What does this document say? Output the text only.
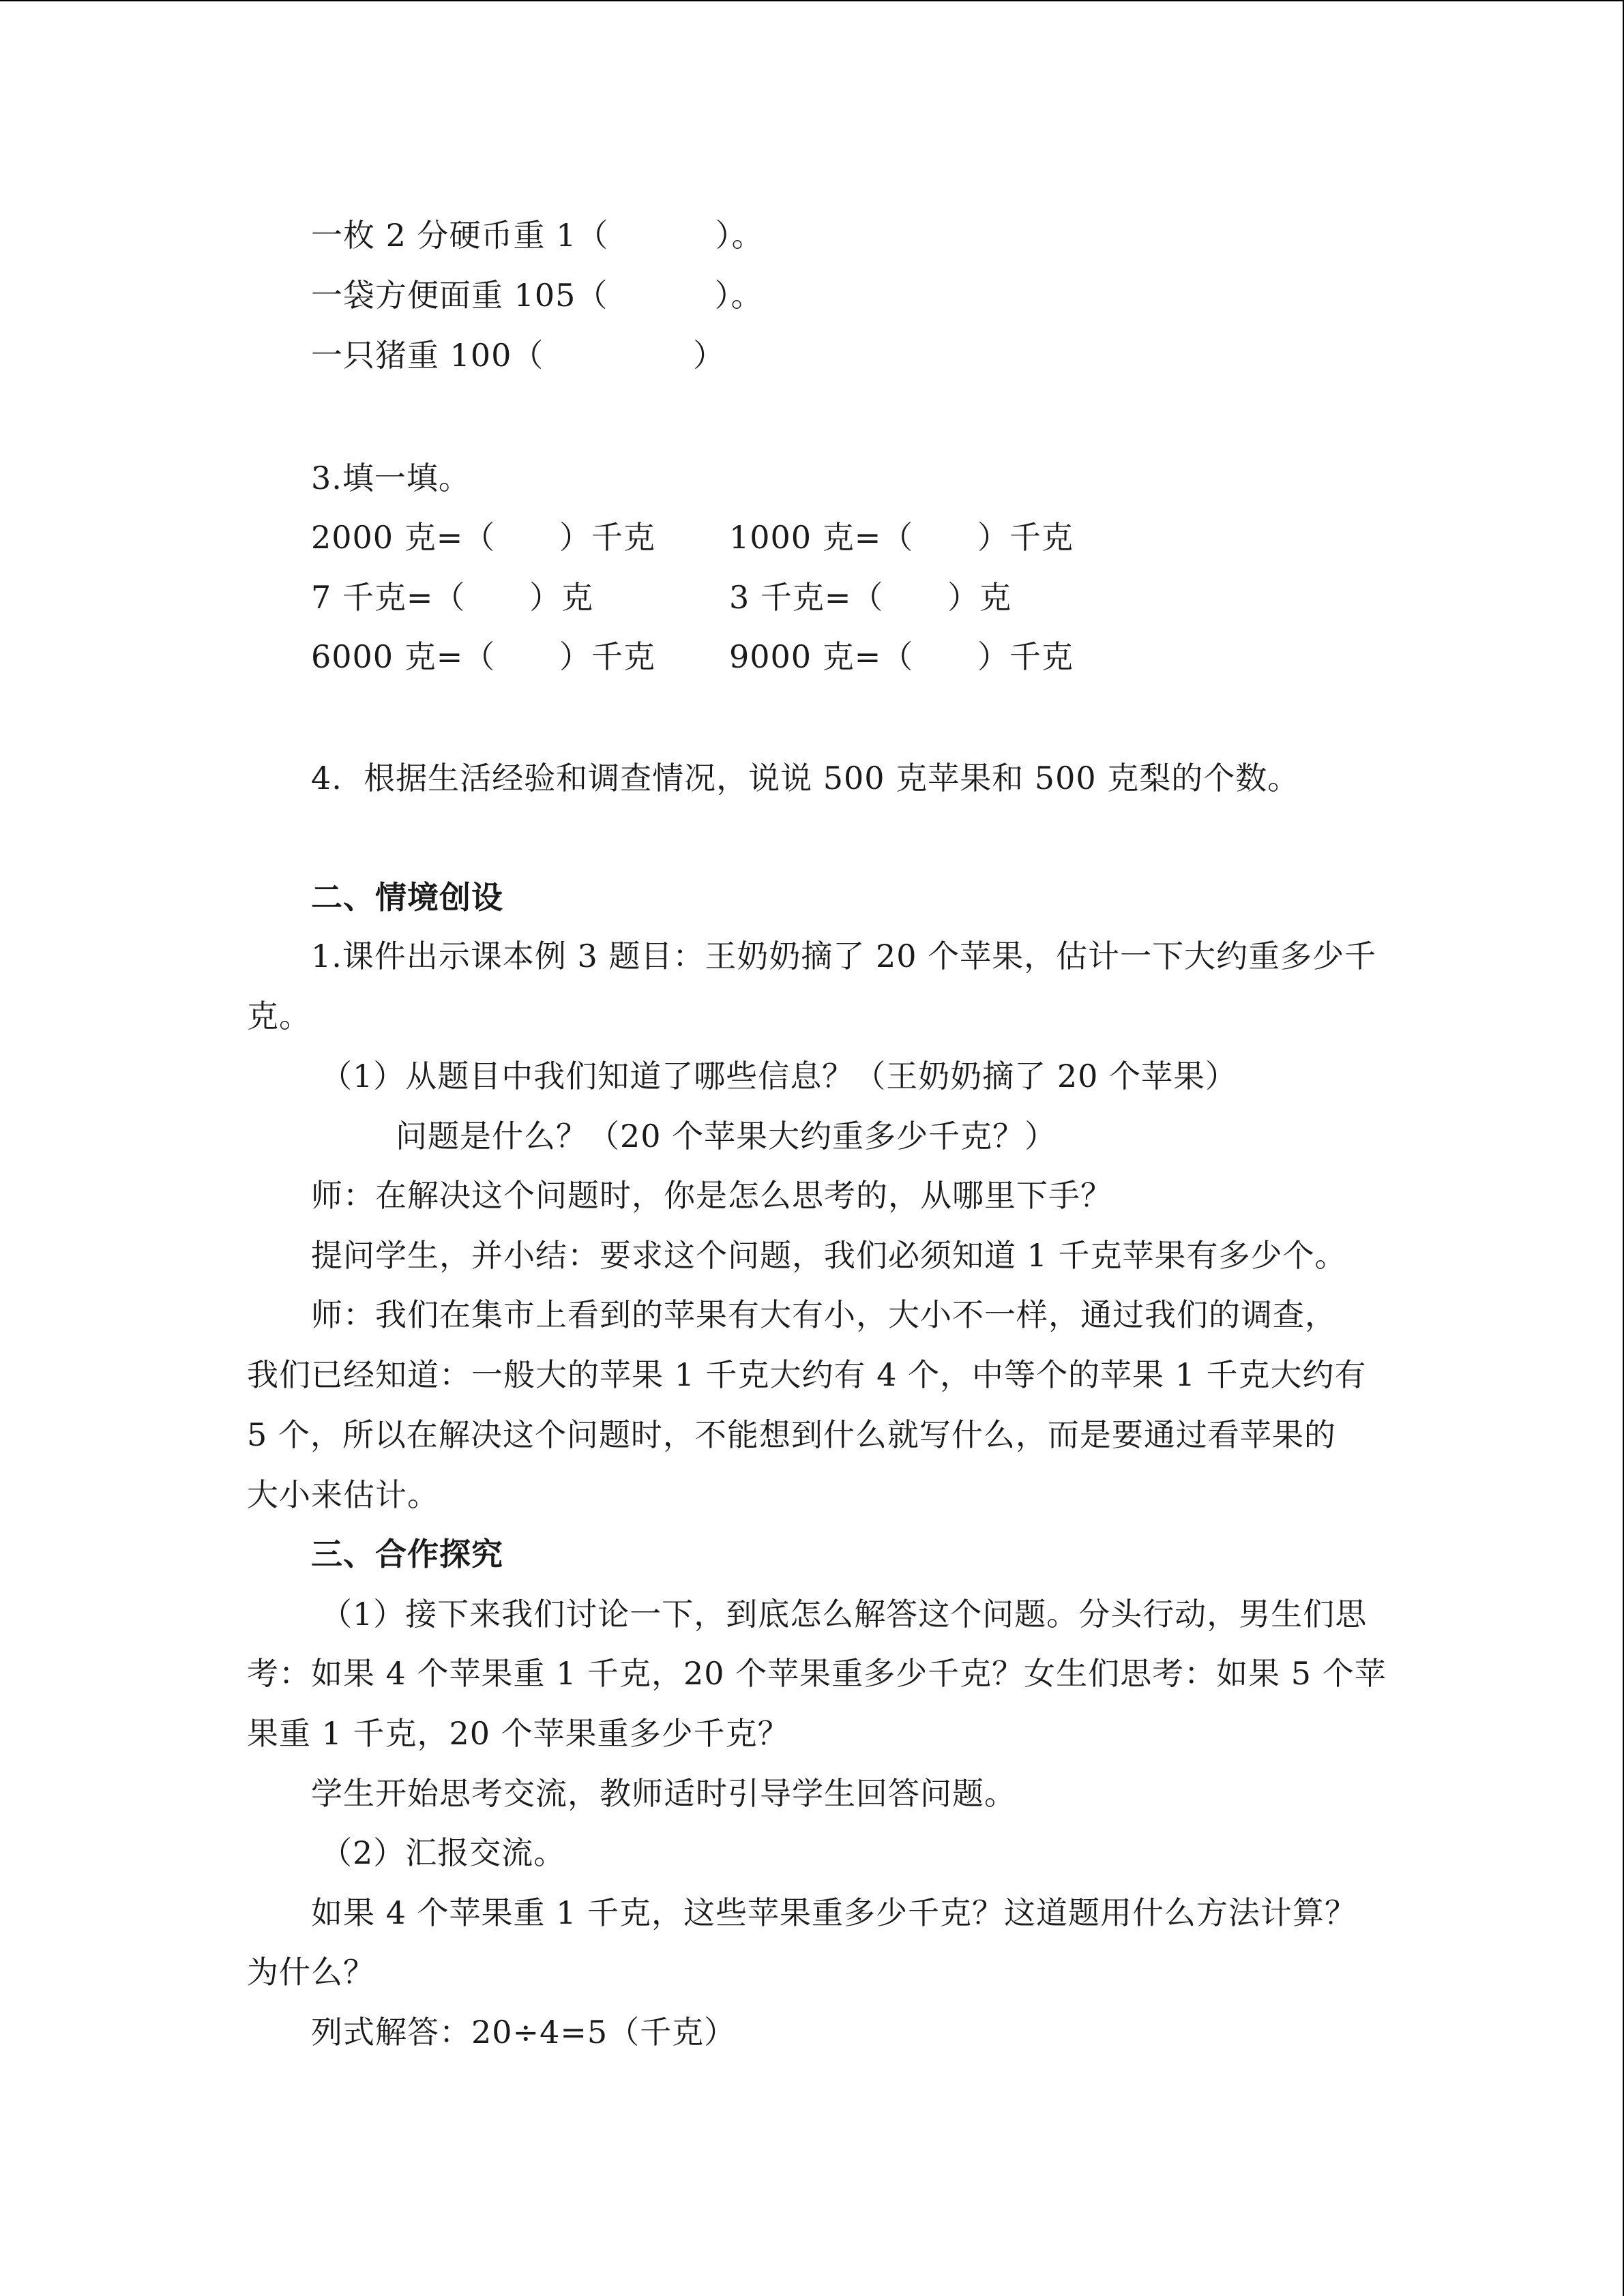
一枚 2 分硬币重 1（          ）。
一袋方便面重 105（          ）。
一只猪重 100（              ）
3.填一填。
2000 克=（      ）千克 1000 克=（      ）千克
7 千克=（      ）克	3 千克=（      ）克
6000 克=（      ）千克 9000 克=（      ）千克
4.  根据生活经验和调查情况，说说 500 克苹果和 500 克梨的个数。
二、情境创设
1.课件出示课本例 3 题目：王奶奶摘了 20 个苹果，估计一下大约重多少千
克。
（1）从题目中我们知道了哪些信息？（王奶奶摘了 20 个苹果）
问题是什么？（20 个苹果大约重多少千克？）
师：在解决这个问题时，你是怎么思考的，从哪里下手？
提问学生，并小结：要求这个问题，我们必须知道 1 千克苹果有多少个。
师：我们在集市上看到的苹果有大有小，大小不一样，通过我们的调查，
我们已经知道：一般大的苹果 1 千克大约有 4 个，中等个的苹果 1 千克大约有
5 个，所以在解决这个问题时，不能想到什么就写什么，而是要通过看苹果的
大小来估计。
三、合作探究
（1）接下来我们讨论一下，到底怎么解答这个问题。分头行动，男生们思
考：如果 4 个苹果重 1 千克，20 个苹果重多少千克？女生们思考：如果 5 个苹
果重 1 千克，20 个苹果重多少千克？
学生开始思考交流，教师适时引导学生回答问题。
（2）汇报交流。
如果 4 个苹果重 1 千克，这些苹果重多少千克？这道题用什么方法计算？
为什么？
列式解答：20÷4=5（千克）
